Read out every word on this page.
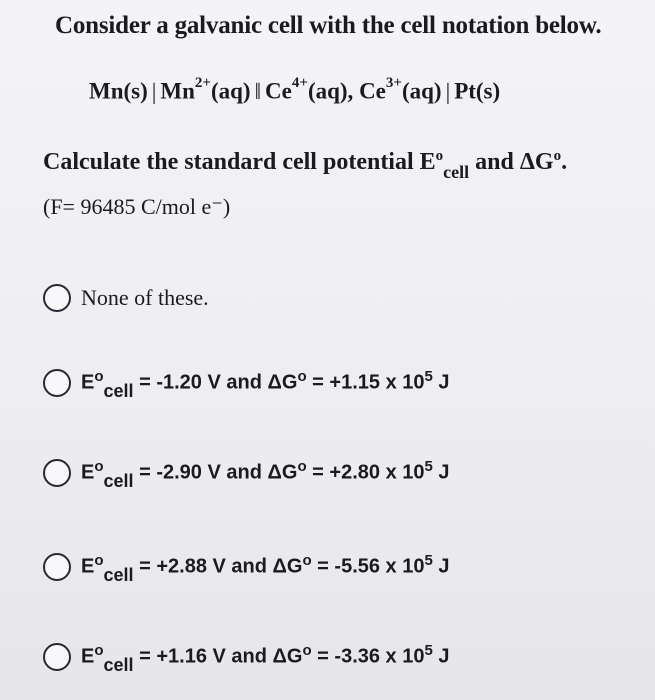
Consider a galvanic cell with the cell notation below.
Mn(s) | $Mn^{2+}(aq)$ ‖ $Ce^{4+}(aq)$, $Ce^{3+}(aq)$ | Pt(s)
Calculate the standard cell potential $E^o_{cell}$ and $\Delta G^o$.
(F= 96485 C/mol e⁻)
None of these.
$E^o_{cell} = -1.20$ V and $\Delta G^o = +1.15$ x $10^5$ J
$E^o_{cell} = -2.90$ V and $\Delta G^o = +2.80$ x $10^5$ J
$E^o_{cell} = +2.88$ V and $\Delta G^o = -5.56$ x $10^5$ J
$E^o_{cell} = +1.16$ V and $\Delta G^o = -3.36$ x $10^5$ J
